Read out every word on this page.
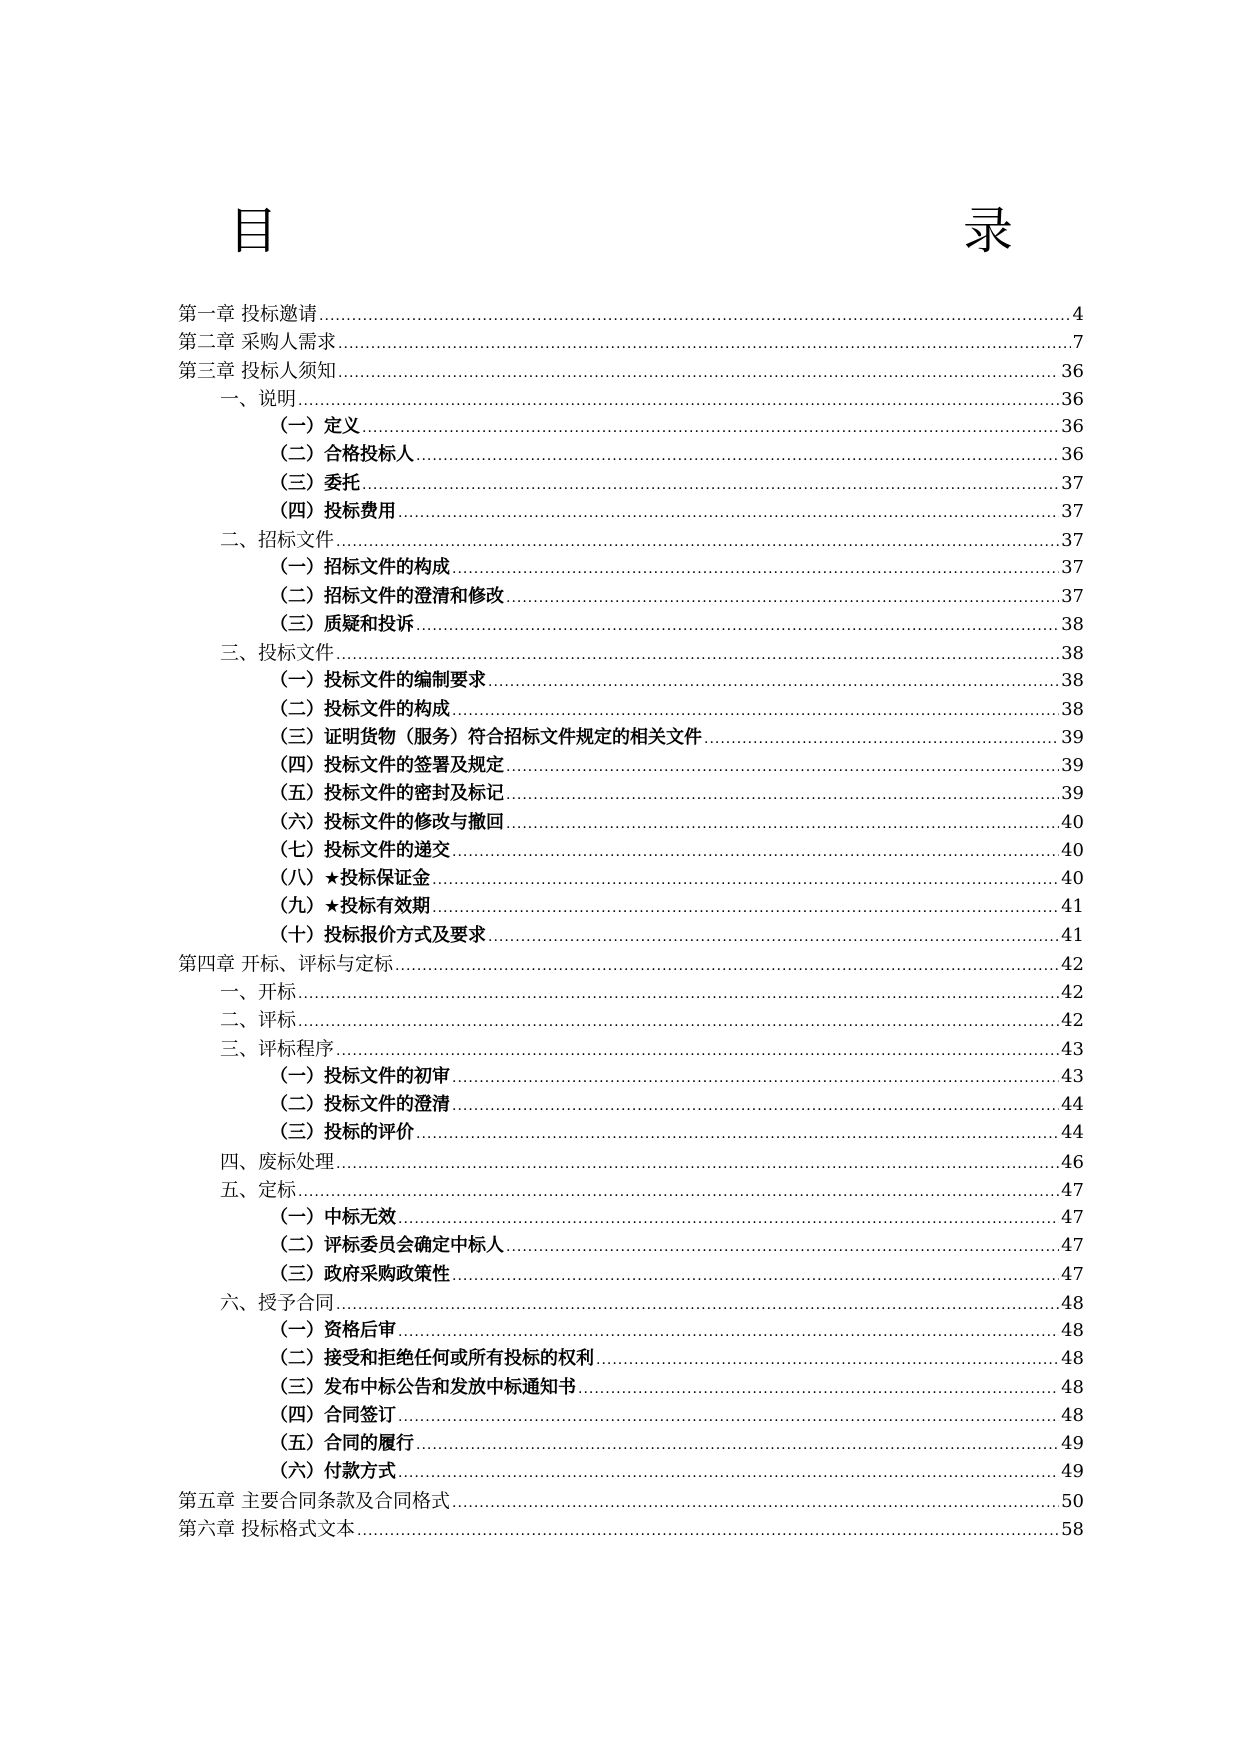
目　　录
第一章 投标邀请 .....	4
第二章 采购人需求 .....	7
第三章 投标人须知 .....	36
一、说明 .....	36
（一）定义 .....	36
（二）合格投标人 .....	36
（三）委托 .....	37
（四）投标费用 .....	37
二、招标文件 .....	37
（一）招标文件的构成 .....	37
（二）招标文件的澄清和修改 .....	37
（三）质疑和投诉 .....	38
三、投标文件 .....	38
（一）投标文件的编制要求 .....	38
（二）投标文件的构成 .....	38
（三）证明货物（服务）符合招标文件规定的相关文件 .....	39
（四）投标文件的签署及规定 .....	39
（五）投标文件的密封及标记 .....	39
（六）投标文件的修改与撤回 .....	40
（七）投标文件的递交 .....	40
（八）★投标保证金 .....	40
（九）★投标有效期 .....	41
（十）投标报价方式及要求 .....	41
第四章 开标、评标与定标 .....	42
一、开标 .....	42
二、评标 .....	42
三、评标程序 .....	43
（一）投标文件的初审 .....	43
（二）投标文件的澄清 .....	44
（三）投标的评价 .....	44
四、废标处理 .....	46
五、定标 .....	47
（一）中标无效 .....	47
（二）评标委员会确定中标人 .....	47
（三）政府采购政策性 .....	47
六、授予合同 .....	48
（一）资格后审 .....	48
（二）接受和拒绝任何或所有投标的权利 .....	48
（三）发布中标公告和发放中标通知书 .....	48
（四）合同签订 .....	48
（五）合同的履行 .....	49
（六）付款方式 .....	49
第五章 主要合同条款及合同格式 .....	50
第六章 投标格式文本 .....	58
